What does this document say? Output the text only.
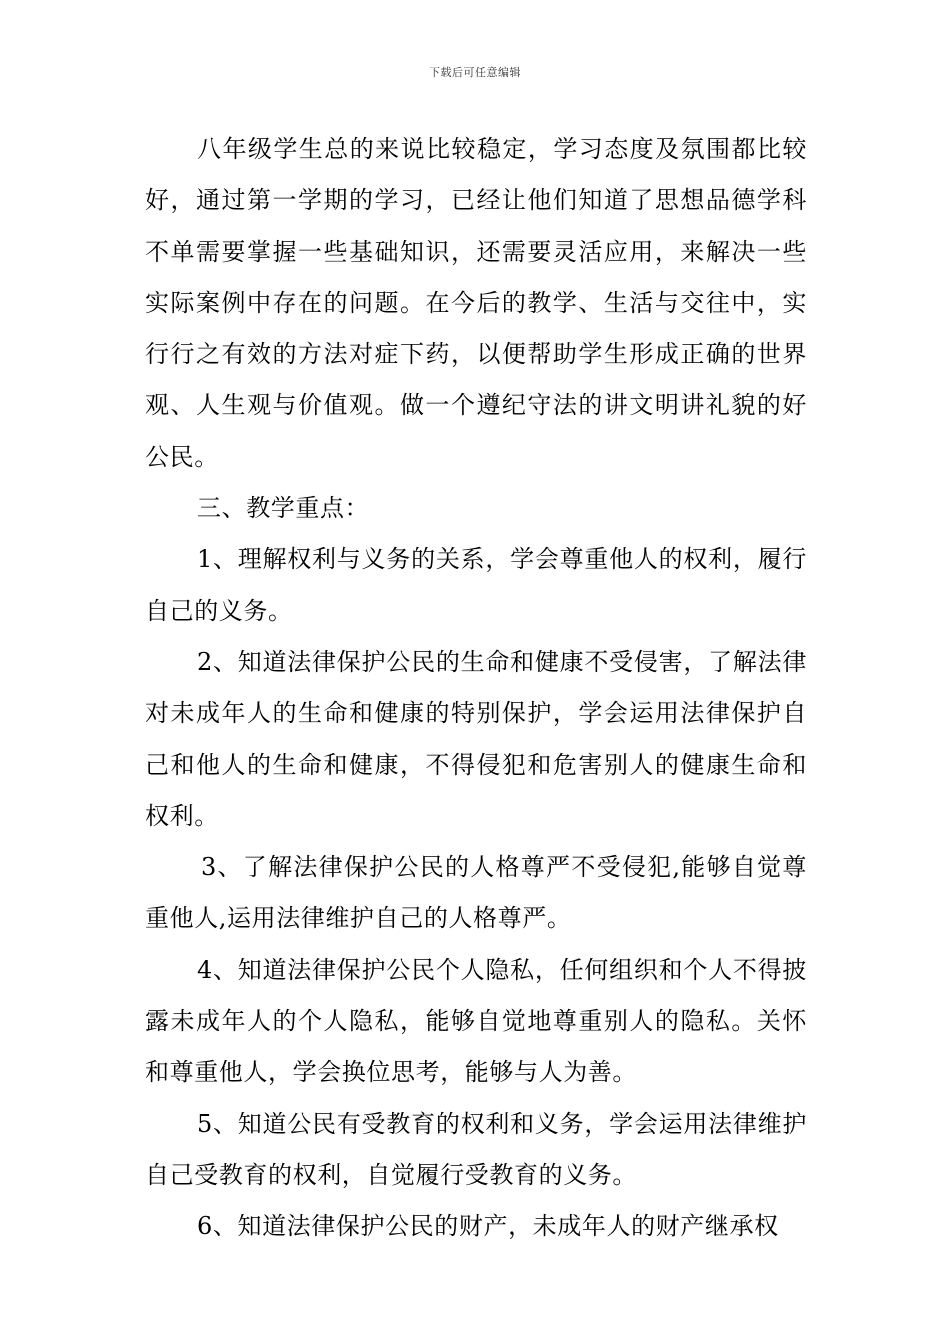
下载后可任意编辑

八年级学生总的来说比较稳定，学习态度及氛围都比较好，通过第一学期的学习，已经让他们知道了思想品德学科不单需要掌握一些基础知识，还需要灵活应用，来解决一些实际案例中存在的问题。在今后的教学、生活与交往中，实行行之有效的方法对症下药，以便帮助学生形成正确的世界观、人生观与价值观。做一个遵纪守法的讲文明讲礼貌的好公民。

三、教学重点：

1、理解权利与义务的关系，学会尊重他人的权利，履行自己的义务。

2、知道法律保护公民的生命和健康不受侵害，了解法律对未成年人的生命和健康的特别保护，学会运用法律保护自己和他人的生命和健康，不得侵犯和危害别人的健康生命和权利。

3、了解法律保护公民的人格尊严不受侵犯,能够自觉尊重他人,运用法律维护自己的人格尊严。

4、知道法律保护公民个人隐私，任何组织和个人不得披露未成年人的个人隐私，能够自觉地尊重别人的隐私。关怀和尊重他人，学会换位思考，能够与人为善。

5、知道公民有受教育的权利和义务，学会运用法律维护自己受教育的权利，自觉履行受教育的义务。

6、知道法律保护公民的财产，未成年人的财产继承权
